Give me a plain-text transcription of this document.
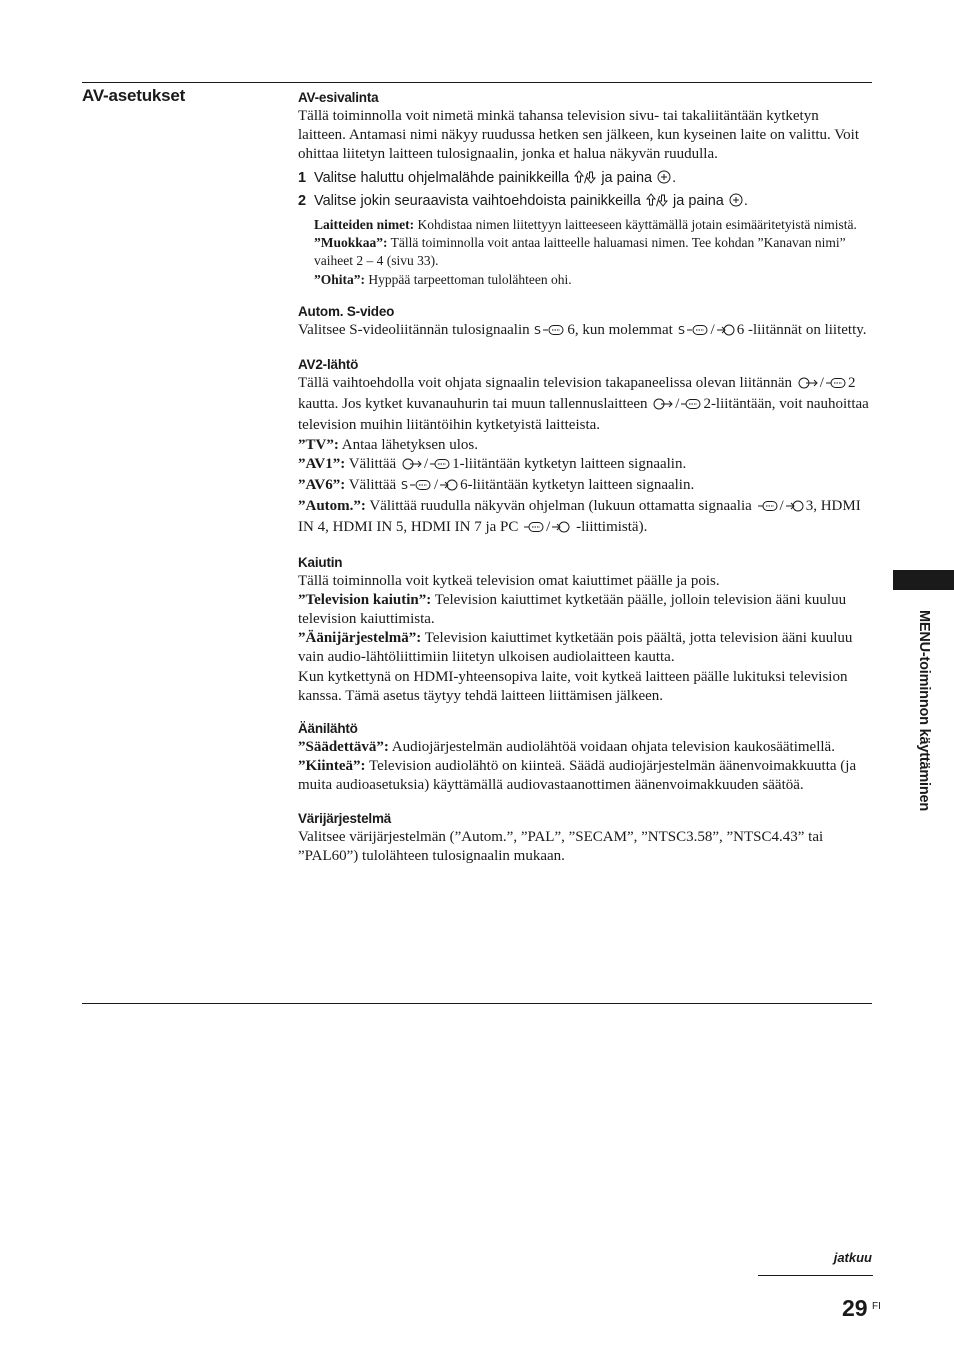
AV-asetukset	AV-esivalinta

Tällä toiminnolla voit nimetä minkä tahansa television sivu- tai takaliitäntään kytketyn laitteen. Antamasi nimi näkyy ruudussa hetken sen jälkeen, kun kyseinen laite on valittu. Voit ohittaa liitetyn laitteen tulosignaalin, jonka et halua näkyvän ruudulla.

1 Valitse haluttu ohjelmalähde painikkeilla / ja paina .
2 Valitse jokin seuraavista vaihtoehdoista painikkeilla / ja paina .

Laitteiden nimet: Kohdistaa nimen liitettyyn laitteeseen käyttämällä jotain esimääritetyistä nimistä.

”Muokkaa”: Tällä toiminnolla voit antaa laitteelle haluamasi nimen. Tee kohdan ”Kanavan nimi” vaiheet 2 – 4 (sivu 33).

”Ohita”: Hyppää tarpeettoman tulolähteen ohi.

Autom. S-video

Valitsee S-videoliitännän tulosignaalin S 6, kun molemmat S / 6 -liitännät on liitetty.

AV2-lähtö

Tällä vaihtoehdolla voit ohjata signaalin television takapaneelissa olevan liitännän / 2 kautta. Jos kytket kuvanauhurin tai muun tallennuslaitteen / 2-liitäntään, voit nauhoittaa television muihin liitäntöihin kytketyistä laitteista.

”TV”: Antaa lähetyksen ulos.

”AV1”: Välittää / 1-liitäntään kytketyn laitteen signaalin.

”AV6”: Välittää S / 6-liitäntään kytketyn laitteen signaalin.

”Autom.”: Välittää ruudulla näkyvän ohjelman (lukuun ottamatta signaalia / 3, HDMI IN 4, HDMI IN 5, HDMI IN 7 ja PC / -liittimistä).

Kaiutin

Tällä toiminnolla voit kytkeä television omat kaiuttimet päälle ja pois.

”Television kaiutin”: Television kaiuttimet kytketään päälle, jolloin television ääni kuuluu television kaiuttimista.

”Äänijärjestelmä”: Television kaiuttimet kytketään pois päältä, jotta television ääni kuuluu vain audio-lähtöliittimiin liitetyn ulkoisen audiolaitteen kautta.

Kun kytkettynä on HDMI-yhteensopiva laite, voit kytkeä laitteen päälle lukituksi television kanssa. Tämä asetus täytyy tehdä laitteen liittämisen jälkeen.

Äänilähtö

”Säädettävä”: Audiojärjestelmän audiolähtöä voidaan ohjata television kaukosäätimellä.

”Kiinteä”: Television audiolähtö on kiinteä. Säädä audiojärjestelmän äänenvoimakkuutta (ja muita audioasetuksia) käyttämällä audiovastaanottimen äänenvoimakkuuden säätöä.

Värijärjestelmä

Valitsee värijärjestelmän (”Autom.”, ”PAL”, ”SECAM”, ”NTSC3.58”, ”NTSC4.43” tai ”PAL60”) tulolähteen tulosignaalin mukaan.

MENU-toiminnon käyttäminen
jatkuu
29 FI
